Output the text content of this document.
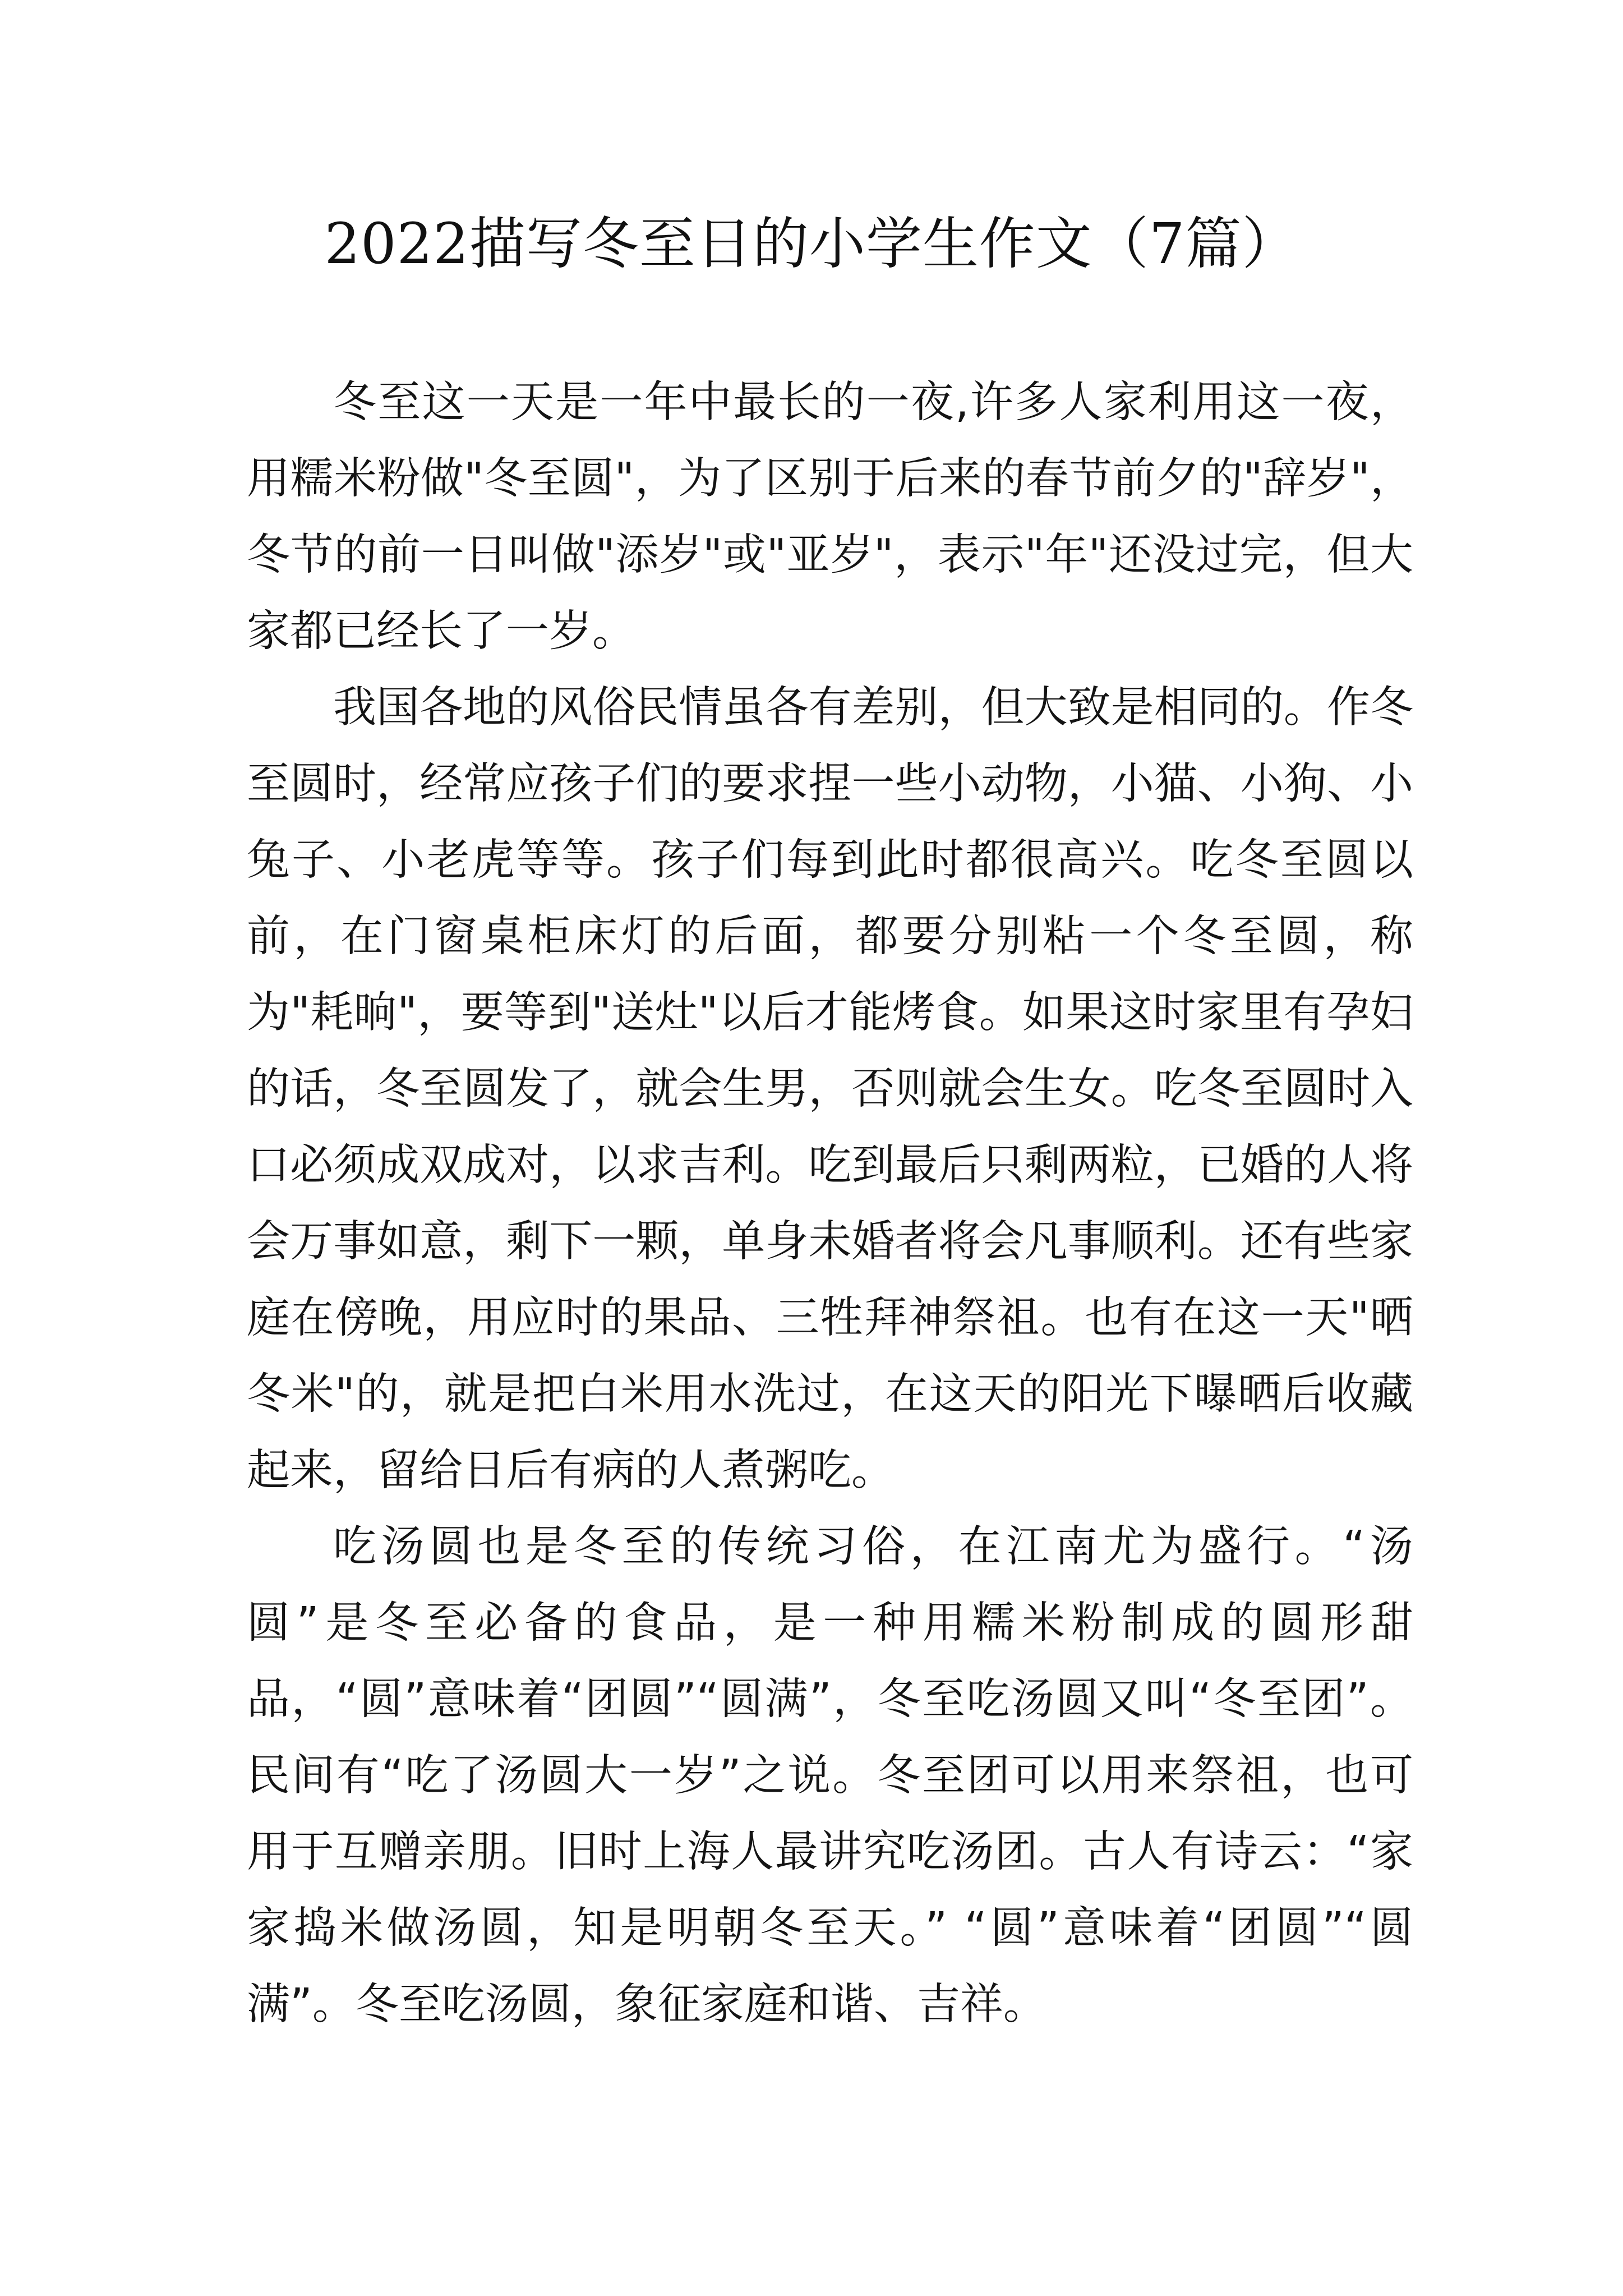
2022描写冬至日的小学生作文（7篇）

冬至这一天是一年中最长的一夜,许多人家利用这一夜，用糯米粉做"冬至圆"，为了区别于后来的春节前夕的"辞岁"，冬节的前一日叫做"添岁"或"亚岁"，表示"年"还没过完，但大家都已经长了一岁。

我国各地的风俗民情虽各有差别，但大致是相同的。作冬至圆时，经常应孩子们的要求捏一些小动物，小猫、小狗、小兔子、小老虎等等。孩子们每到此时都很高兴。吃冬至圆以前，在门窗桌柜床灯的后面，都要分别粘一个冬至圆，称为"耗晌"，要等到"送灶"以后才能烤食。如果这时家里有孕妇的话，冬至圆发了，就会生男，否则就会生女。吃冬至圆时入口必须成双成对，以求吉利。吃到最后只剩两粒，已婚的人将会万事如意，剩下一颗，单身未婚者将会凡事顺利。还有些家庭在傍晚，用应时的果品、三牲拜神祭祖。也有在这一天"晒冬米"的，就是把白米用水洗过，在这天的阳光下曝晒后收藏起来，留给日后有病的人煮粥吃。

吃汤圆也是冬至的传统习俗，在江南尤为盛行。“汤圆”是冬至必备的食品，是一种用糯米粉制成的圆形甜品，“圆”意味着“团圆”“圆满”，冬至吃汤圆又叫“冬至团”。民间有“吃了汤圆大一岁”之说。冬至团可以用来祭祖，也可用于互赠亲朋。旧时上海人最讲究吃汤团。古人有诗云：“家家捣米做汤圆，知是明朝冬至天。” “圆”意味着“团圆”“圆满”。冬至吃汤圆，象征家庭和谐、吉祥。
